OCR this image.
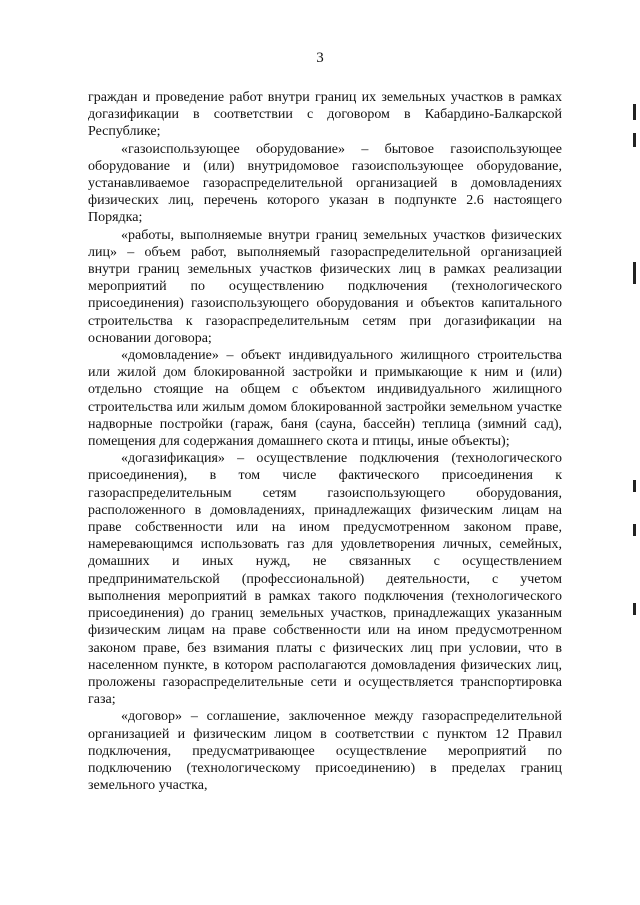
3

граждан и проведение работ внутри границ их земельных участков в рамках догазификации в соответствии с договором в Кабардино-Балкарской Республике;

«газоиспользующее оборудование» – бытовое газоиспользующее оборудование и (или) внутридомовое газоиспользующее оборудование, устанавливаемое газораспределительной организацией в домовладениях физических лиц, перечень которого указан в подпункте 2.6 настоящего Порядка;

«работы, выполняемые внутри границ земельных участков физических лиц» – объем работ, выполняемый газораспределительной организацией внутри границ земельных участков физических лиц в рамках реализации мероприятий по осуществлению подключения (технологического присоединения) газоиспользующего оборудования и объектов капитального строительства к газораспределительным сетям при догазификации на основании договора;

«домовладение» – объект индивидуального жилищного строительства или жилой дом блокированной застройки и примыкающие к ним и (или) отдельно стоящие на общем с объектом индивидуального жилищного строительства или жилым домом блокированной застройки земельном участке надворные постройки (гараж, баня (сауна, бассейн) теплица (зимний сад), помещения для содержания домашнего скота и птицы, иные объекты);

«догазификация» – осуществление подключения (технологического присоединения), в том числе фактического присоединения к газораспределительным сетям газоиспользующего оборудования, расположенного в домовладениях, принадлежащих физическим лицам на праве собственности или на ином предусмотренном законом праве, намеревающимся использовать газ для удовлетворения личных, семейных, домашних и иных нужд, не связанных с осуществлением предпринимательской (профессиональной) деятельности, с учетом выполнения мероприятий в рамках такого подключения (технологического присоединения) до границ земельных участков, принадлежащих указанным физическим лицам на праве собственности или на ином предусмотренном законом праве, без взимания платы с физических лиц при условии, что в населенном пункте, в котором располагаются домовладения физических лиц, проложены газораспределительные сети и осуществляется транспортировка газа;

«договор» – соглашение, заключенное между газораспределительной организацией и физическим лицом в соответствии с пунктом 12 Правил подключения, предусматривающее осуществление мероприятий по подключению (технологическому присоединению) в пределах границ земельного участка,
